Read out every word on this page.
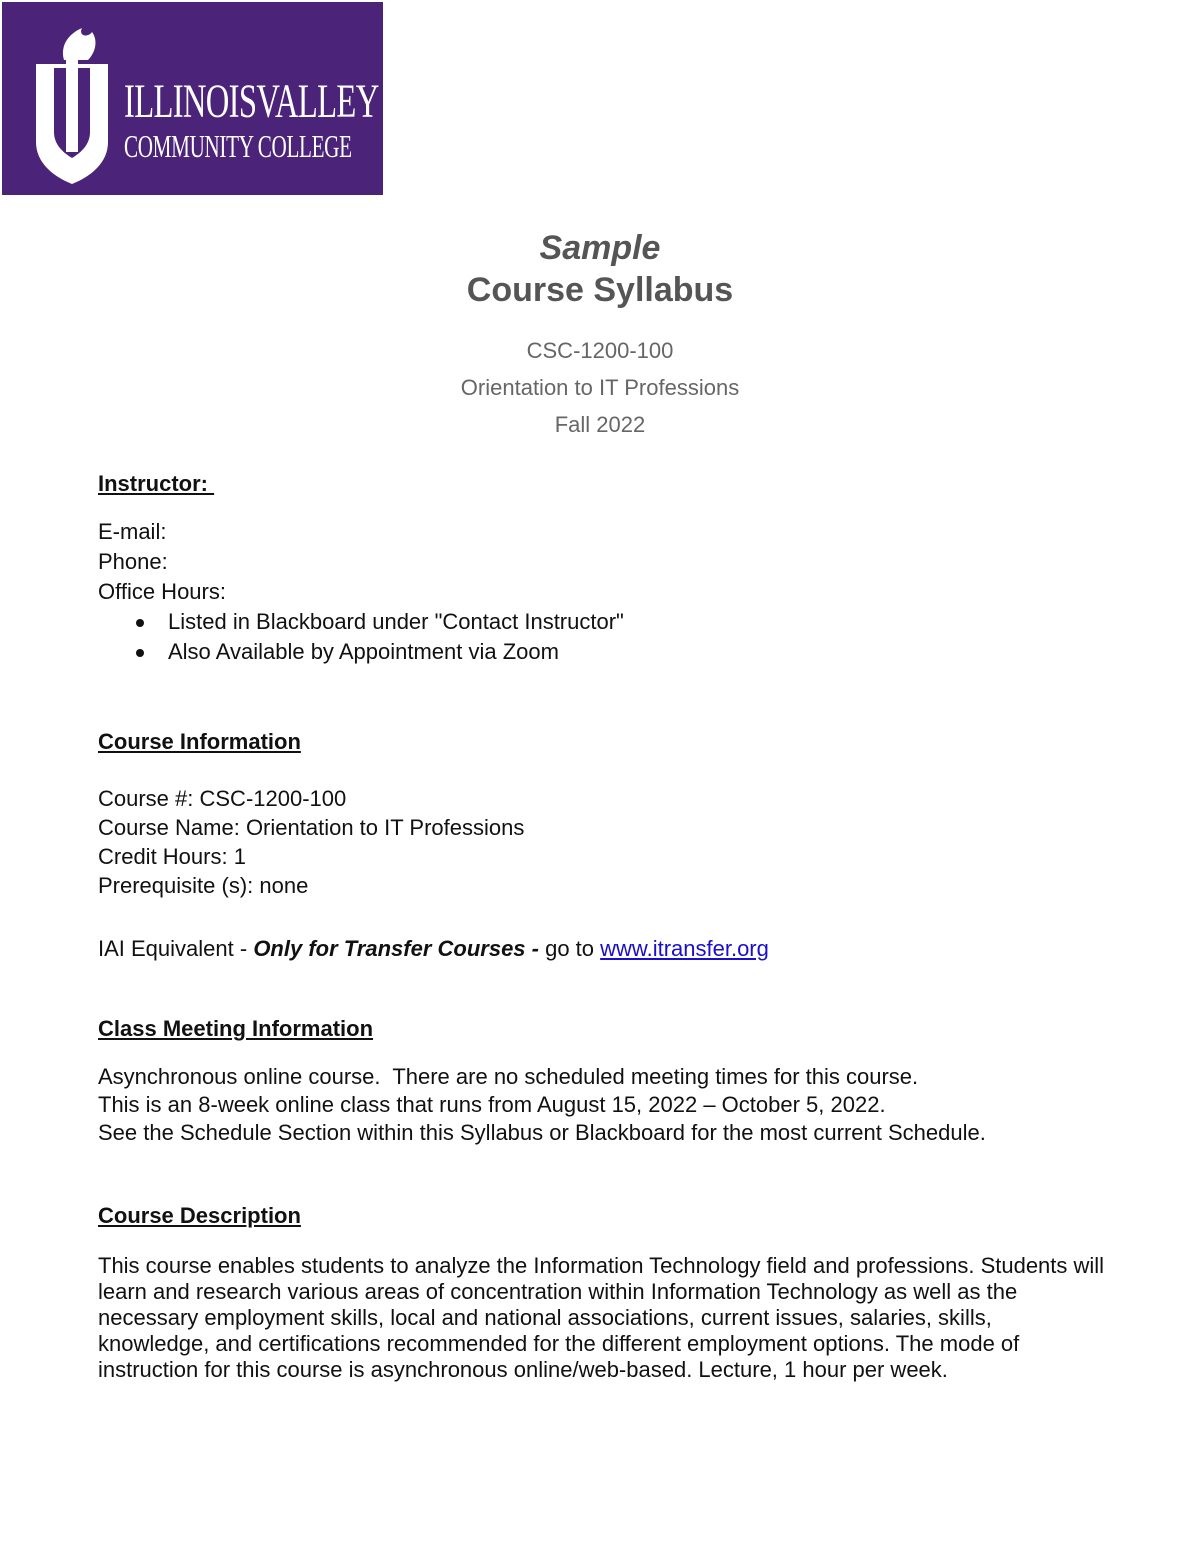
ILLINOISVALLEY
COMMUNITY COLLEGE
Sample
Course Syllabus
CSC-1200-100
Orientation to IT Professions
Fall 2022
Instructor:
E-mail:
Phone:
Office Hours:
Listed in Blackboard under "Contact Instructor"
Also Available by Appointment via Zoom
Course Information
Course #: CSC-1200-100
Course Name: Orientation to IT Professions
Credit Hours: 1
Prerequisite (s): none
IAI Equivalent - Only for Transfer Courses - go to www.itransfer.org
Class Meeting Information
Asynchronous online course.  There are no scheduled meeting times for this course.
This is an 8-week online class that runs from August 15, 2022 – October 5, 2022.
See the Schedule Section within this Syllabus or Blackboard for the most current Schedule.
Course Description
This course enables students to analyze the Information Technology field and professions. Students will learn and research various areas of concentration within Information Technology as well as the necessary employment skills, local and national associations, current issues, salaries, skills, knowledge, and certifications recommended for the different employment options. The mode of instruction for this course is asynchronous online/web-based. Lecture, 1 hour per week.
